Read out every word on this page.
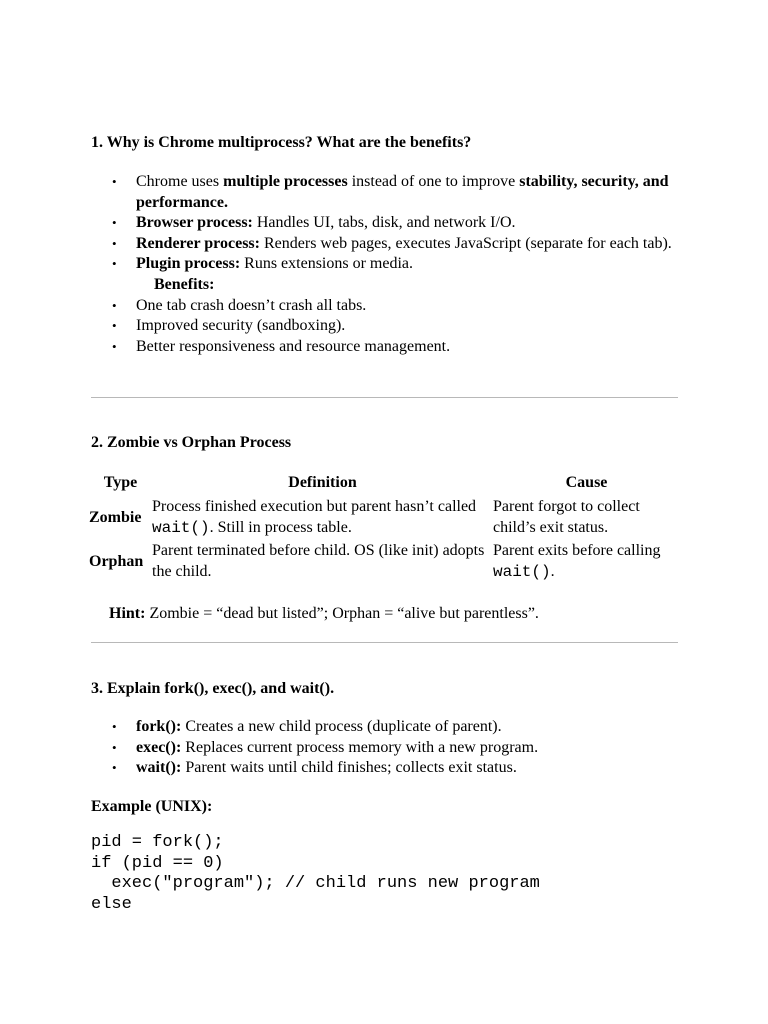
1. Why is Chrome multiprocess? What are the benefits?
• Chrome uses multiple processes instead of one to improve stability, security, and performance.
• Browser process: Handles UI, tabs, disk, and network I/O.
• Renderer process: Renders web pages, executes JavaScript (separate for each tab).
• Plugin process: Runs extensions or media.
Benefits:
• One tab crash doesn’t crash all tabs.
• Improved security (sandboxing).
• Better responsiveness and resource management.
2. Zombie vs Orphan Process
Type	Definition	Cause
Zombie	Process finished execution but parent hasn’t called wait(). Still in process table.	Parent forgot to collect child’s exit status.
Orphan	Parent terminated before child. OS (like init) adopts the child.	Parent exits before calling wait().
Hint: Zombie = “dead but listed”; Orphan = “alive but parentless”.
3. Explain fork(), exec(), and wait().
• fork(): Creates a new child process (duplicate of parent).
• exec(): Replaces current process memory with a new program.
• wait(): Parent waits until child finishes; collects exit status.
Example (UNIX):
pid = fork();
if (pid == 0)
exec("program"); // child runs new program
else
